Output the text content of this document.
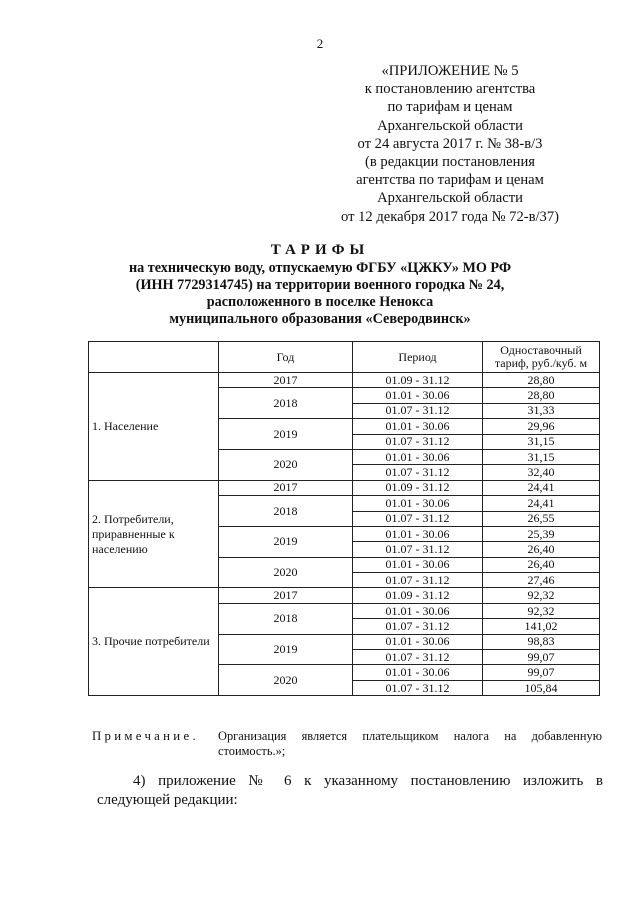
2
«ПРИЛОЖЕНИЕ № 5
к постановлению агентства
по тарифам и ценам
Архангельской области
от 24 августа 2017 г. № 38-в/3
(в редакции постановления
агентства по тарифам и ценам
Архангельской области
от 12 декабря 2017 года № 72-в/37)
ТАРИФЫ
на техническую воду, отпускаемую ФГБУ «ЦЖКУ» МО РФ
(ИНН 7729314745) на территории военного городка № 24,
расположенного в поселке Ненокса
муниципального образования «Северодвинск»
	Год	Период	Одноставочный тариф, руб./куб. м
1. Население	2017	01.09 - 31.12	28,80
	2018	01.01 - 30.06	28,80
		01.07 - 31.12	31,33
	2019	01.01 - 30.06	29,96
		01.07 - 31.12	31,15
	2020	01.01 - 30.06	31,15
		01.07 - 31.12	32,40
2. Потребители, приравненные к населению	2017	01.09 - 31.12	24,41
	2018	01.01 - 30.06	24,41
		01.07 - 31.12	26,55
	2019	01.01 - 30.06	25,39
		01.07 - 31.12	26,40
	2020	01.01 - 30.06	26,40
		01.07 - 31.12	27,46
3. Прочие потребители	2017	01.09 - 31.12	92,32
	2018	01.01 - 30.06	92,32
		01.07 - 31.12	141,02
	2019	01.01 - 30.06	98,83
		01.07 - 31.12	99,07
	2020	01.01 - 30.06	99,07
		01.07 - 31.12	105,84
Примечание. Организация является плательщиком налога на добавленную стоимость.»;
4) приложение № 6 к указанному постановлению изложить в
следующей редакции:
